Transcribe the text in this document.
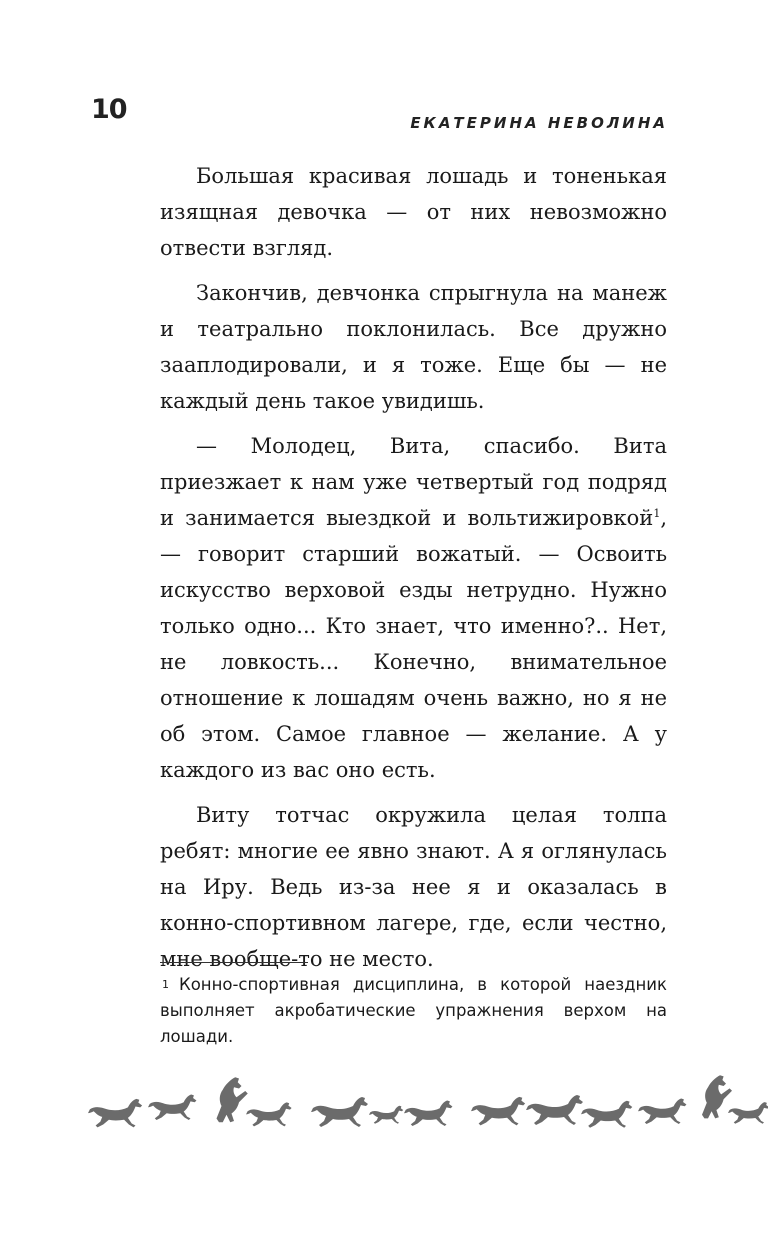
10	ЕКАТЕРИНА НЕВОЛИНА

Большая красивая лошадь и тоненькая изящная девочка — от них невозможно отвести взгляд.

Закончив, девчонка спрыгнула на манеж и театрально поклонилась. Все дружно зааплодировали, и я тоже. Еще бы — не каждый день такое увидишь.

— Молодец, Вита, спасибо. Вита приезжает к нам уже четвертый год подряд и занимается выездкой и вольтижировкой$^1$, — говорит старший вожатый. — Освоить искусство верховой езды нетрудно. Нужно только одно... Кто знает, что именно?.. Нет, не ловкость... Конечно, внимательное отношение к лошадям очень важно, но я не об этом. Самое главное — желание. А у каждого из вас оно есть.

Виту тотчас окружила целая толпа ребят: многие ее явно знают. А я оглянулась на Иру. Ведь из-за нее я и оказалась в конно-спортивном лагере, где, если честно, мне вообще-то не место.

$^1$ Конно-спортивная дисциплина, в которой наездник выполняет акробатические упражнения верхом на лошади.
